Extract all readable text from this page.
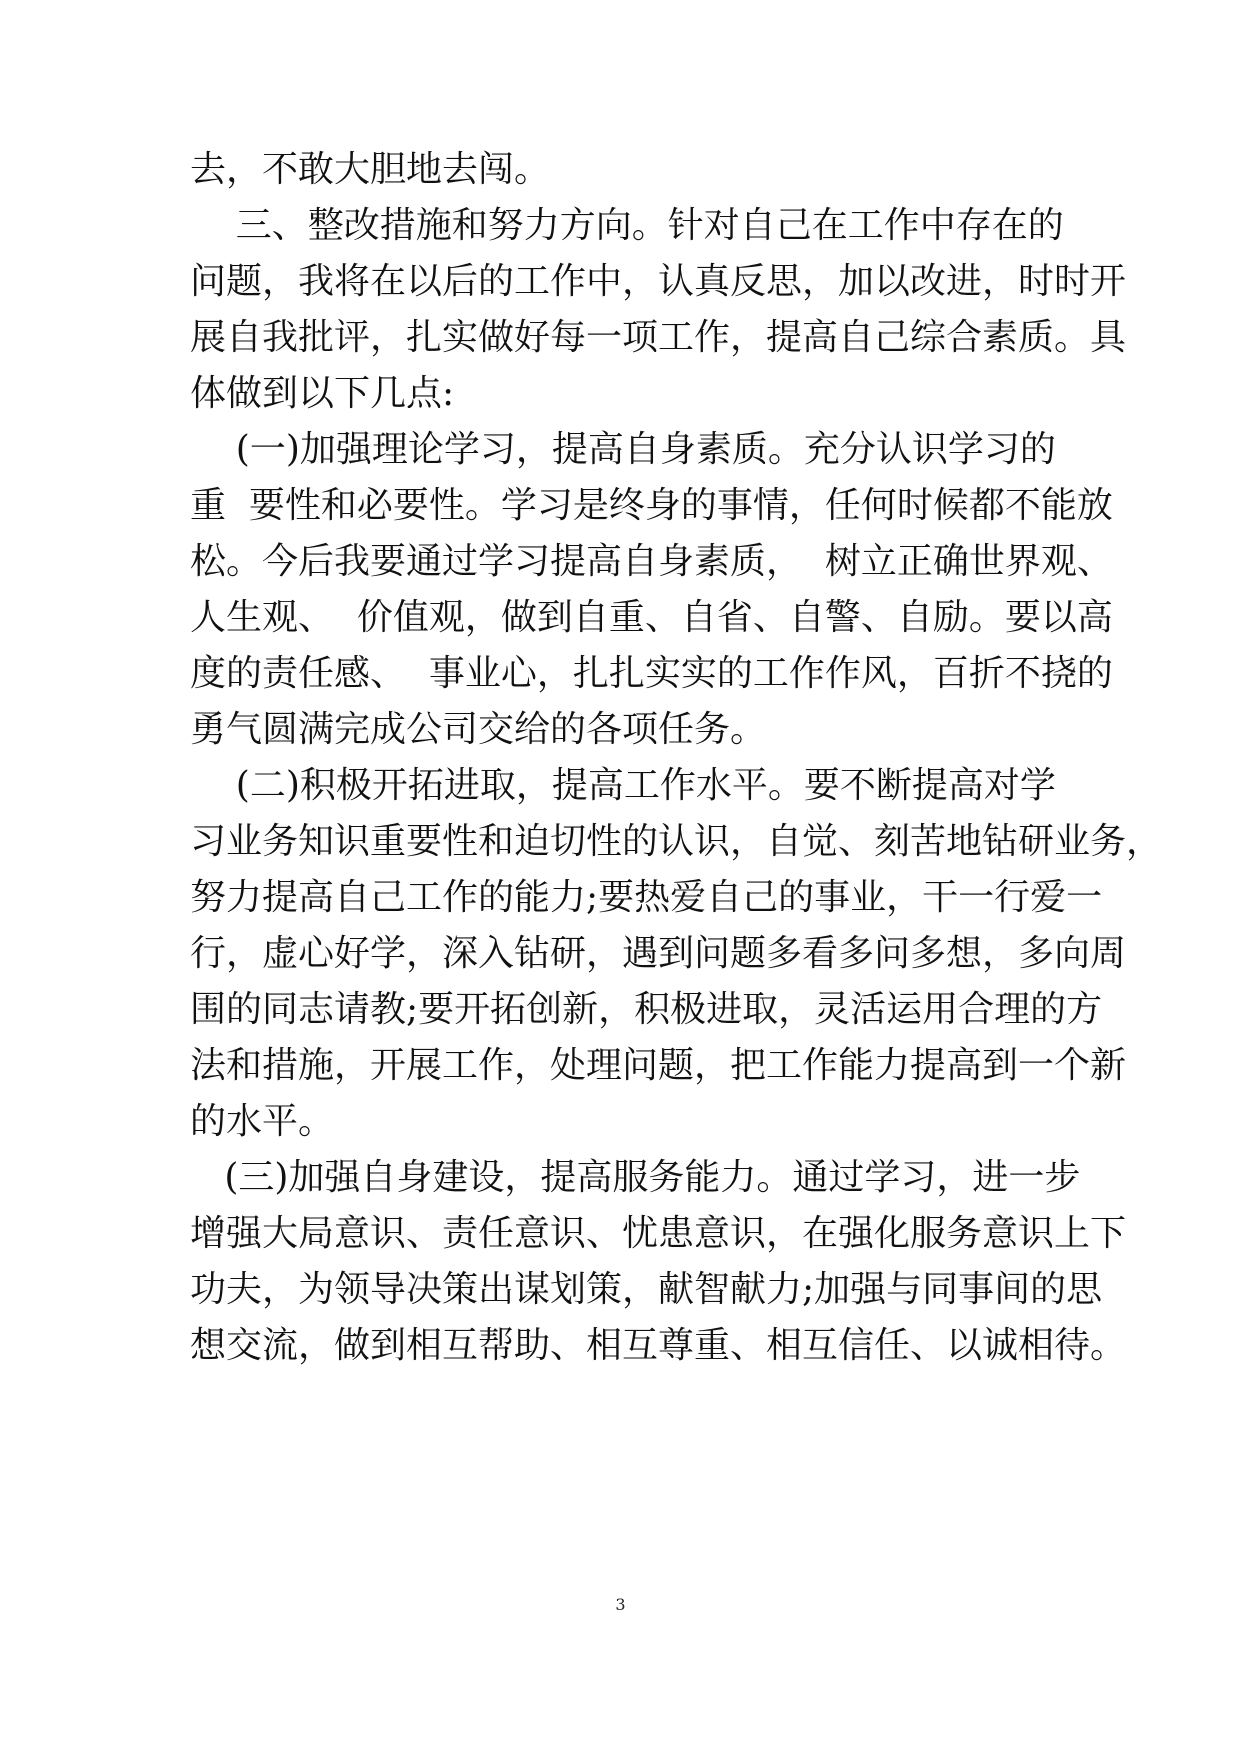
去，不敢大胆地去闯。
三、整改措施和努力方向。针对自己在工作中存在的
问题，我将在以后的工作中，认真反思，加以改进，时时开
展自我批评，扎实做好每一项工作，提高自己综合素质。具
体做到以下几点:
(一)加强理论学习，提高自身素质。充分认识学习的
重  要性和必要性。学习是终身的事情，任何时候都不能放
松。今后我要通过学习提高自身素质，  树立正确世界观、
人生观、  价值观，做到自重、自省、自警、自励。要以高
度的责任感、  事业心，扎扎实实的工作作风，百折不挠的
勇气圆满完成公司交给的各项任务。
(二)积极开拓进取，提高工作水平。要不断提高对学
习业务知识重要性和迫切性的认识，自觉、刻苦地钻研业务，
努力提高自己工作的能力;要热爱自己的事业，干一行爱一
行，虚心好学，深入钻研，遇到问题多看多问多想，多向周
围的同志请教;要开拓创新，积极进取，灵活运用合理的方
法和措施，开展工作，处理问题，把工作能力提高到一个新
的水平。
(三)加强自身建设，提高服务能力。通过学习，进一步
增强大局意识、责任意识、忧患意识，在强化服务意识上下
功夫，为领导决策出谋划策，献智献力;加强与同事间的思
想交流，做到相互帮助、相互尊重、相互信任、以诚相待。
3
